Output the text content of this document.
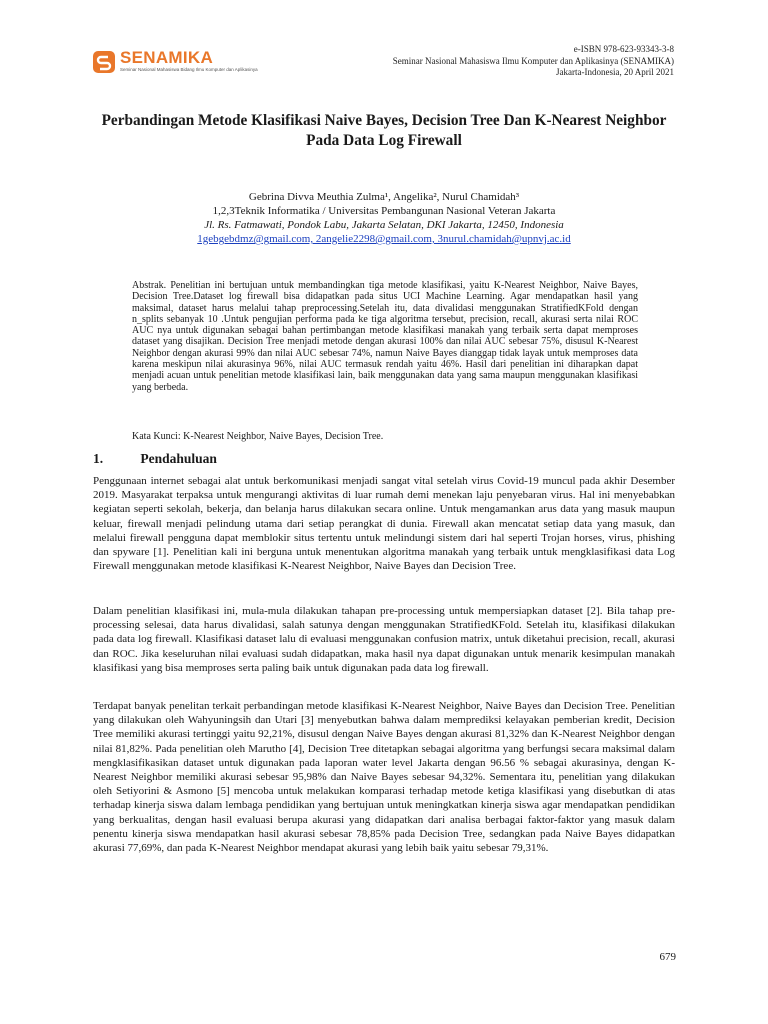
SENAMIKA
Seminar Nasional Mahasiswa Bidang Ilmu Komputer dan Aplikasinya
e-ISBN 978-623-93343-3-8
Seminar Nasional Mahasiswa Ilmu Komputer dan Aplikasinya (SENAMIKA)
Jakarta-Indonesia, 20 April 2021
Perbandingan Metode Klasifikasi Naive Bayes, Decision Tree Dan K-Nearest Neighbor Pada Data Log Firewall
Gebrina Divva Meuthia Zulma¹, Angelika², Nurul Chamidah³
1,2,3Teknik Informatika / Universitas Pembangunan Nasional Veteran Jakarta
Jl. Rs. Fatmawati, Pondok Labu, Jakarta Selatan, DKI Jakarta, 12450, Indonesia
1gebgebdmz@gmail.com, 2angelie2298@gmail.com, 3nurul.chamidah@upnvj.ac.id
Abstrak. Penelitian ini bertujuan untuk membandingkan tiga metode klasifikasi, yaitu K-Nearest Neighbor, Naive Bayes, Decision Tree.Dataset log firewall bisa didapatkan pada situs UCI Machine Learning. Agar mendapatkan hasil yang maksimal, dataset harus melalui tahap preprocessing.Setelah itu, data divalidasi menggunakan StratifiedKFold dengan n_splits sebanyak 10 .Untuk pengujian performa pada ke tiga algoritma tersebut, precision, recall, akurasi serta nilai ROC AUC nya untuk digunakan sebagai bahan pertimbangan metode klasifikasi manakah yang terbaik serta dapat memproses dataset yang disajikan. Decision Tree menjadi metode dengan akurasi 100% dan nilai AUC sebesar 75%, disusul K-Nearest Neighbor dengan akurasi 99% dan nilai AUC sebesar 74%, namun Naive Bayes dianggap tidak layak untuk memproses data karena meskipun nilai akurasinya 96%, nilai AUC termasuk rendah yaitu 46%. Hasil dari penelitian ini diharapkan dapat menjadi acuan untuk penelitian metode klasifikasi lain, baik menggunakan data yang sama maupun menggunakan klasifikasi yang berbeda.
Kata Kunci: K-Nearest Neighbor, Naive Bayes, Decision Tree.
1.	Pendahuluan

Penggunaan internet sebagai alat untuk berkomunikasi menjadi sangat vital setelah virus Covid-19 muncul pada akhir Desember 2019. Masyarakat terpaksa untuk mengurangi aktivitas di luar rumah demi menekan laju penyebaran virus. Hal ini menyebabkan kegiatan seperti sekolah, bekerja, dan belanja harus dilakukan secara online. Untuk mengamankan arus data yang masuk maupun keluar, firewall menjadi pelindung utama dari setiap perangkat di dunia. Firewall akan mencatat setiap data yang masuk, dan melalui firewall pengguna dapat memblokir situs tertentu untuk melindungi sistem dari hal seperti Trojan horses, virus, phishing dan spyware [1]. Penelitian kali ini berguna untuk menentukan algoritma manakah yang terbaik untuk mengklasifikasi data Log Firewall menggunakan metode klasifikasi K-Nearest Neighbor, Naive Bayes dan Decision Tree.

Dalam penelitian klasifikasi ini, mula-mula dilakukan tahapan pre-processing untuk mempersiapkan dataset [2]. Bila tahap pre-processing selesai, data harus divalidasi, salah satunya dengan menggunakan StratifiedKFold. Setelah itu, klasifikasi dilakukan pada data log firewall. Klasifikasi dataset lalu di evaluasi menggunakan confusion matrix, untuk diketahui precision, recall, akurasi dan ROC. Jika keseluruhan nilai evaluasi sudah didapatkan, maka hasil nya dapat digunakan untuk menarik kesimpulan manakah klasifikasi yang bisa memproses serta paling baik untuk digunakan pada data log firewall.

Terdapat banyak penelitan terkait perbandingan metode klasifikasi K-Nearest Neighbor, Naive Bayes dan Decision Tree. Penelitian yang dilakukan oleh Wahyuningsih dan Utari [3] menyebutkan bahwa dalam memprediksi kelayakan pemberian kredit, Decision Tree memiliki akurasi tertinggi yaitu 92,21%, disusul dengan Naive Bayes dengan akurasi 81,32% dan K-Nearest Neighbor dengan nilai 81,82%. Pada penelitian oleh Marutho [4], Decision Tree ditetapkan sebagai algoritma yang berfungsi secara maksimal dalam mengklasifikasikan dataset untuk digunakan pada laporan water level Jakarta dengan 96.56 % sebagai akurasinya, dengan K-Nearest Neighbor memiliki akurasi sebesar 95,98% dan Naive Bayes sebesar 94,32%. Sementara itu, penelitian yang dilakukan oleh Setiyorini & Asmono [5] mencoba untuk melakukan komparasi terhadap metode ketiga klasifikasi yang disebutkan di atas terhadap kinerja siswa dalam lembaga pendidikan yang bertujuan untuk meningkatkan kinerja siswa agar mendapatkan pendidikan yang berkualitas, dengan hasil evaluasi berupa akurasi yang didapatkan dari analisa berbagai faktor-faktor yang masuk dalam penentu kinerja siswa mendapatkan hasil akurasi sebesar 78,85% pada Decision Tree, sedangkan pada Naive Bayes didapatkan akurasi 77,69%, dan pada K-Nearest Neighbor mendapat akurasi yang lebih baik yaitu sebesar 79,31%.

679
